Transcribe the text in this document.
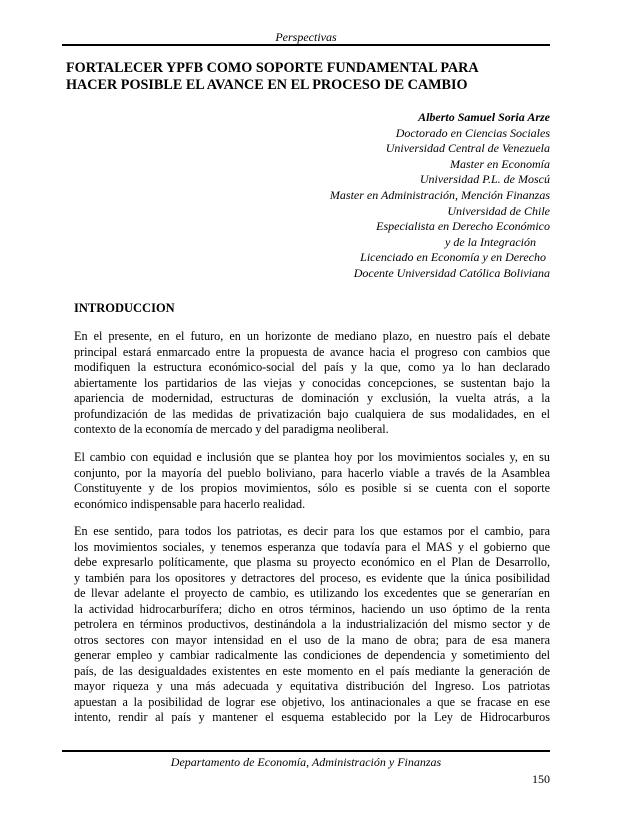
Perspectivas
FORTALECER YPFB COMO SOPORTE FUNDAMENTAL PARA
HACER POSIBLE EL AVANCE EN EL PROCESO DE CAMBIO
Alberto Samuel Soria Arze
Doctorado en Ciencias Sociales
Universidad Central de Venezuela
Master en Economía
Universidad P.L. de Moscú
Master en Administración, Mención Finanzas
Universidad de Chile
Especialista en Derecho Económico
y de la Integración
Licenciado en Economía y en Derecho
Docente Universidad Católica Boliviana
INTRODUCCION
En el presente, en el futuro, en un horizonte de mediano plazo, en nuestro país el debate
principal estará enmarcado entre la propuesta de avance hacia el progreso con cambios que
modifiquen la estructura económico-social del país y la que, como ya lo han declarado
abiertamente los partidarios de las viejas y conocidas concepciones, se sustentan bajo la
apariencia de modernidad, estructuras de dominación y exclusión, la vuelta atrás, a la
profundización de las medidas de privatización bajo cualquiera de sus modalidades, en el
contexto de la economía de mercado y del paradigma neoliberal.
El cambio con equidad e inclusión que se plantea hoy por los movimientos sociales y, en su
conjunto, por la mayoría del pueblo boliviano, para hacerlo viable a través de la Asamblea
Constituyente y de los propios movimientos, sólo es posible si se cuenta con el soporte
económico indispensable para hacerlo realidad.
En ese sentido, para todos los patriotas, es decir para los que estamos por el cambio, para
los movimientos sociales, y tenemos esperanza que todavía para el MAS y el gobierno que
debe expresarlo políticamente, que plasma su proyecto económico en el Plan de Desarrollo,
y también para los opositores y detractores del proceso, es evidente que la única posibilidad
de llevar adelante el proyecto de cambio, es utilizando los excedentes que se generarían en
la actividad hidrocarburífera; dicho en otros términos, haciendo un uso óptimo de la renta
petrolera en términos productivos, destinándola a la industrialización del mismo sector y de
otros sectores con mayor intensidad en el uso de la mano de obra; para de esa manera
generar empleo y cambiar radicalmente las condiciones de dependencia y sometimiento del
país, de las desigualdades existentes en este momento en el país mediante la generación de
mayor riqueza y una más adecuada y equitativa distribución del Ingreso. Los patriotas
apuestan a la posibilidad de lograr ese objetivo, los antinacionales a que se fracase en ese
intento, rendir al país y mantener el esquema establecido por la Ley de Hidrocarburos
Departamento de Economía, Administración y Finanzas
150
